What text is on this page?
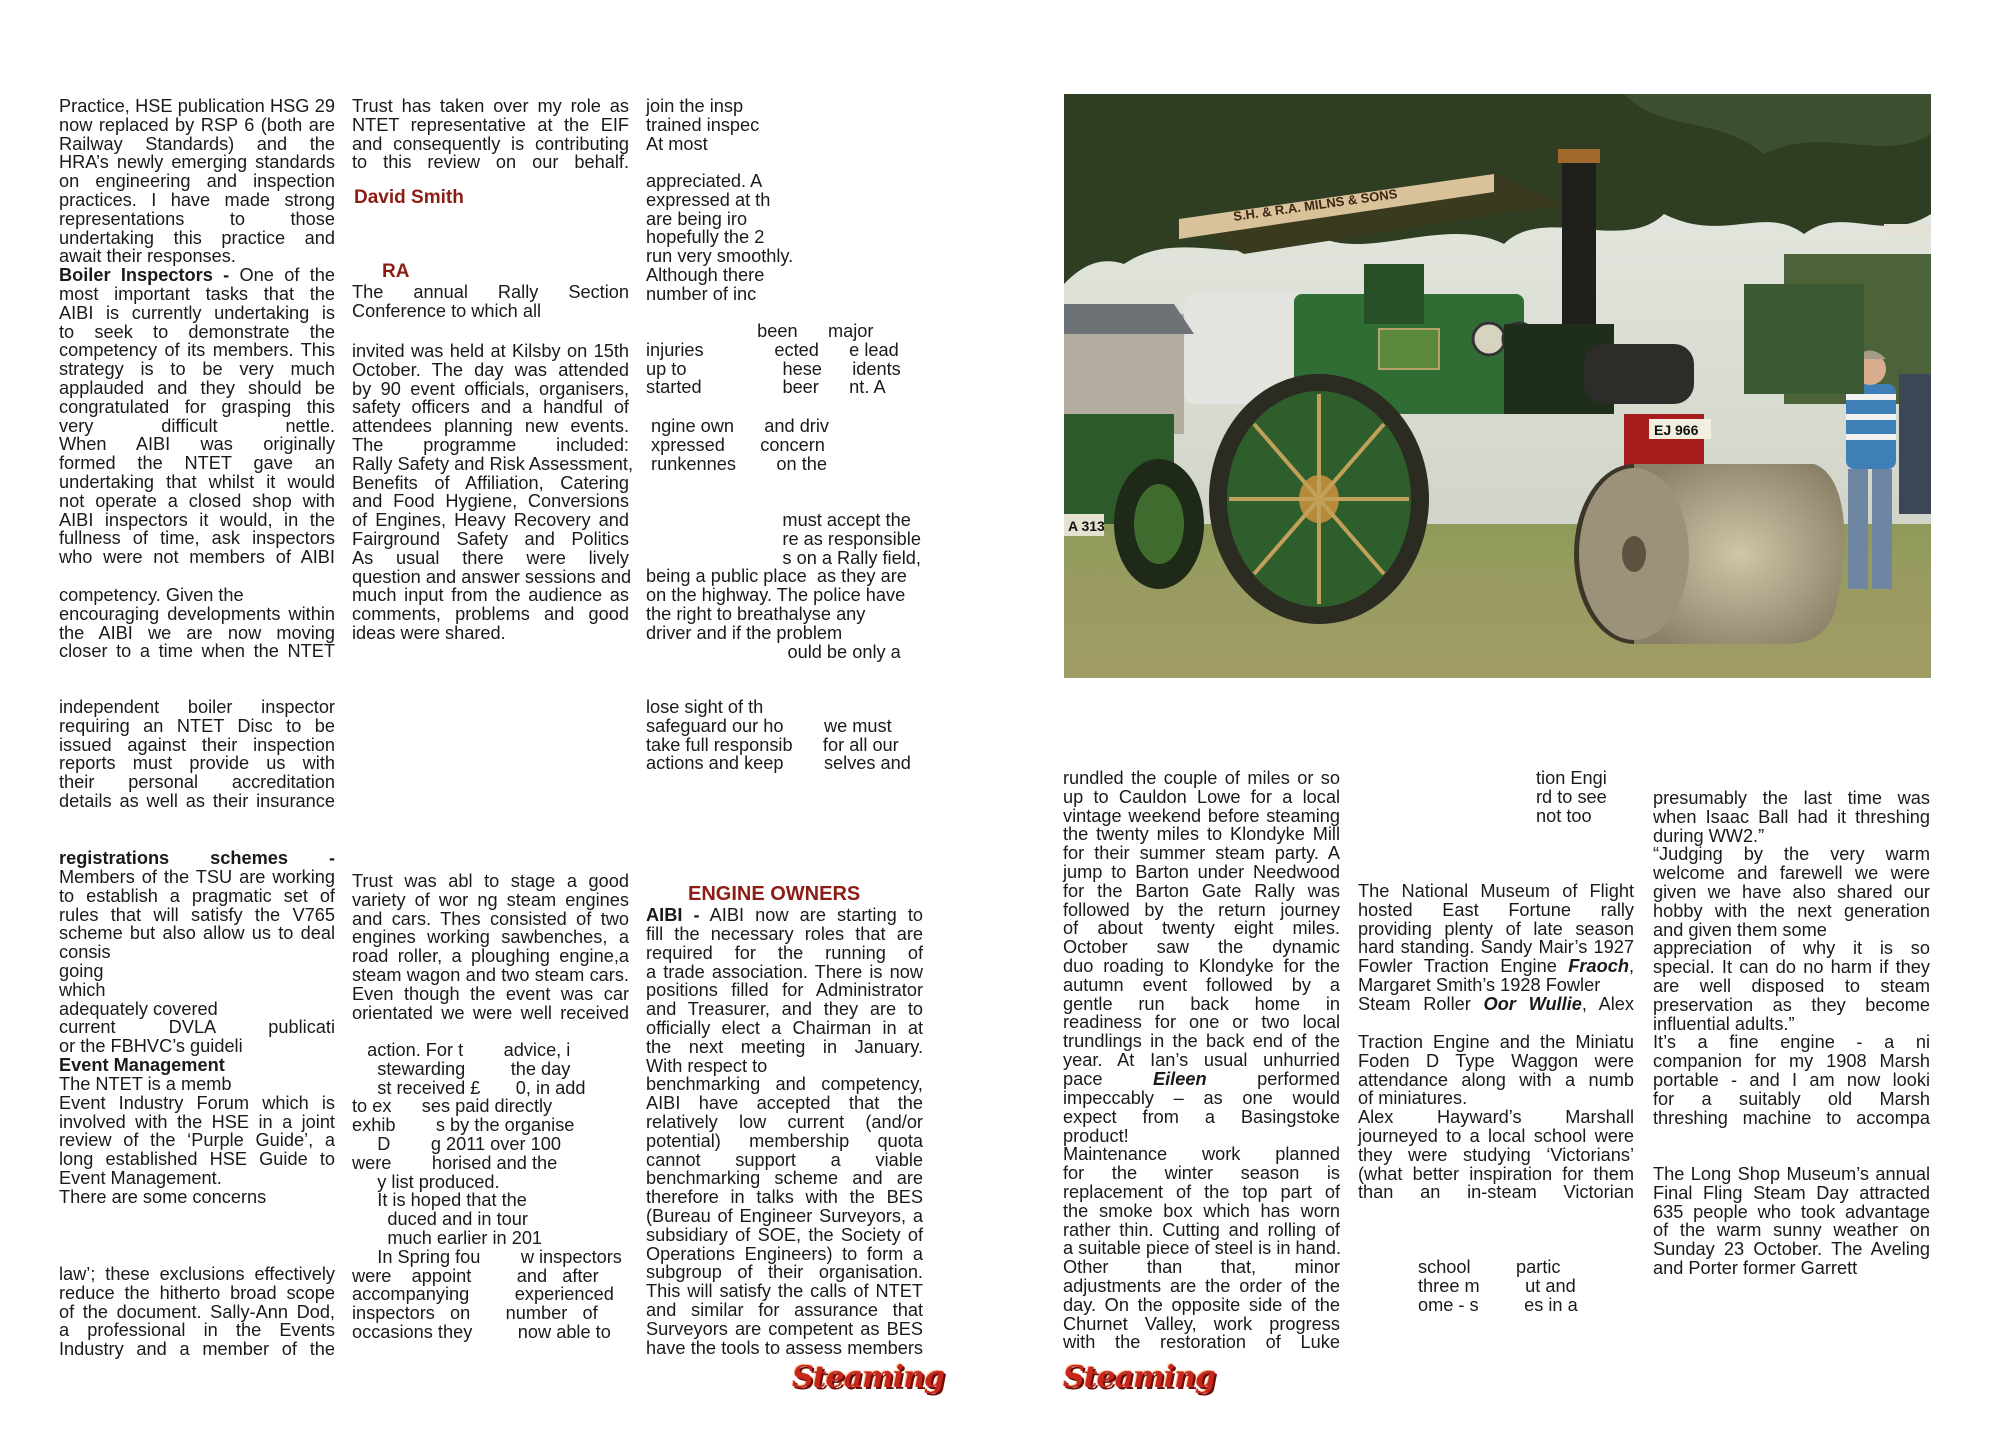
Practice, HSE publication HSG 29
now replaced by RSP 6 (both are
Railway Standards) and the
HRA’s newly emerging standards
on engineering and inspection
practices. I have made strong
representations to those
undertaking this practice and
await their responses.
Boiler Inspectors - One of the
most important tasks that the
AIBI is currently undertaking is
to seek to demonstrate the
competency of its members. This
strategy is to be very much
applauded and they should be
congratulated for grasping this
very difficult nettle.
When AIBI was originally
formed the NTET gave an
undertaking that whilst it would
not operate a closed shop with
AIBI inspectors it would, in the
fullness of time, ask inspectors
who were not members of AIBI
competency. Given the
encouraging developments within
the AIBI we are now moving
closer to a time when the NTET
independent boiler inspector
requiring an NTET Disc to be
issued against their inspection
reports must provide us with
their personal accreditation
details as well as their insurance
registrations schemes -
Members of the TSU are working
to establish a pragmatic set of
rules that will satisfy the V765
scheme but also allow us to deal
consis
going
which
adequately covered
current DVLA publicati
or the FBHVC’s guideli
Event Management
The NTET is a memb
Event Industry Forum which is
involved with the HSE in a joint
review of the ‘Purple Guide’, a
long established HSE Guide to
Event Management.
There are some concerns
law’; these exclusions effectively
reduce the hitherto broad scope
of the document. Sally-Ann Dod,
a professional in the Events
Industry and a member of the
Trust has taken over my role as
NTET representative at the EIF
and consequently is contributing
to this review on our behalf.
David Smith
RA
The annual Rally Section
Conference to which all
invited was held at Kilsby on 15th
October. The day was attended
by 90 event officials, organisers,
safety officers and a handful of
attendees planning new events.
The programme included:
Rally Safety and Risk Assessment,
Benefits of Affiliation, Catering
and Food Hygiene, Conversions
of Engines, Heavy Recovery and
Fairground Safety and Politics
As usual there were lively
question and answer sessions and
much input from the audience as
comments, problems and good
ideas were shared.
Trust was abl to stage a good
variety of wor ng steam engines
and cars. Thes consisted of two
engines working sawbenches, a
road roller, a ploughing engine,a
steam wagon and two steam cars.
Even though the event was car
orientated we were well received
action. For t        advice, i
stewarding         the day
st received £       0, in add
to ex      ses paid directly
exhib        s by the organise
D        g 2011 over 100
were        horised and the
y list produced.
It is hoped that the
duced and in tour
much earlier in 201
In Spring fou        w inspectors
were    appoint         and   after
accompanying         experienced
inspectors   on       number   of
occasions they         now able to
join the insp
trained inspec
At most
appreciated. A
expressed at th
are being iro
hopefully the 2
run very smoothly.
Although there
number of inc
been      major
injuries              ected      e lead
up to                   hese      idents
started                beer      nt. A
ngine own      and driv
xpressed       concern
runkennes        on the
must accept the
re as responsible
s on a Rally field,
being a public place  as they are
on the highway. The police have
the right to breathalyse any
driver and if the problem
ould be only a
lose sight of th
safeguard our ho        we must
take full responsib      for all our
actions and keep        selves and
ENGINE OWNERS
AIBI - AIBI now are starting to
fill the necessary roles that are
required for the running of
a trade association. There is now
positions filled for Administrator
and Treasurer, and they are to
officially elect a Chairman in at
the next meeting in January.
With respect to
benchmarking and competency,
AIBI have accepted that the
relatively low current (and/or
potential) membership quota
cannot support a viable
benchmarking scheme and are
therefore in talks with the BES
(Bureau of Engineer Surveyors, a
subsidiary of SOE, the Society of
Operations Engineers) to form a
subgroup of their organisation.
This will satisfy the calls of NTET
and similar for assurance that
Surveyors are competent as BES
have the tools to assess members
Steaming
A 313
S.H. & R.A. MILNS & SONS
EJ 966
rundled the couple of miles or so
up to Cauldon Lowe for a local
vintage weekend before steaming
the twenty miles to Klondyke Mill
for their summer steam party. A
jump to Barton under Needwood
for the Barton Gate Rally was
followed by the return journey
of about twenty eight miles.
October saw the dynamic
duo roading to Klondyke for the
autumn event followed by a
gentle run back home in
readiness for one or two local
trundlings in the back end of the
year. At Ian’s usual unhurried
pace Eileen performed
impeccably – as one would
expect from a Basingstoke
product!
Maintenance work planned
for the winter season is
replacement of the top part of
the smoke box which has worn
rather thin. Cutting and rolling of
a suitable piece of steel is in hand.
Other than that, minor
adjustments are the order of the
day. On the opposite side of the
Churnet Valley, work progress
with the restoration of Luke
tion Engi
rd to see
not too
The National Museum of Flight
hosted East Fortune rally
providing plenty of late season
hard standing. Sandy Mair’s 1927
Fowler Traction Engine Fraoch,
Margaret Smith’s 1928 Fowler
Steam Roller Oor Wullie, Alex
Traction Engine and the Miniatu
Foden D Type Waggon were
attendance along with a numb
of miniatures.
Alex Hayward’s Marshall
journeyed to a local school were
they were studying ‘Victorians’
(what better inspiration for them
than an in-steam Victorian
school         partic
three m         ut and
ome - s         es in a
presumably the last time was
when Isaac Ball had it threshing
during WW2.”
“Judging by the very warm
welcome and farewell we were
given we have also shared our
hobby with the next generation
and given them some
appreciation of why it is so
special. It can do no harm if they
are well disposed to steam
preservation as they become
influential adults.”
It’s a fine engine - a ni
companion for my 1908 Marsh
portable - and I am now looki
for a suitably old Marsh
threshing machine to accompa
The Long Shop Museum’s annual
Final Fling Steam Day attracted
635 people who took advantage
of the warm sunny weather on
Sunday 23 October. The Aveling
and Porter former Garrett
Steaming
